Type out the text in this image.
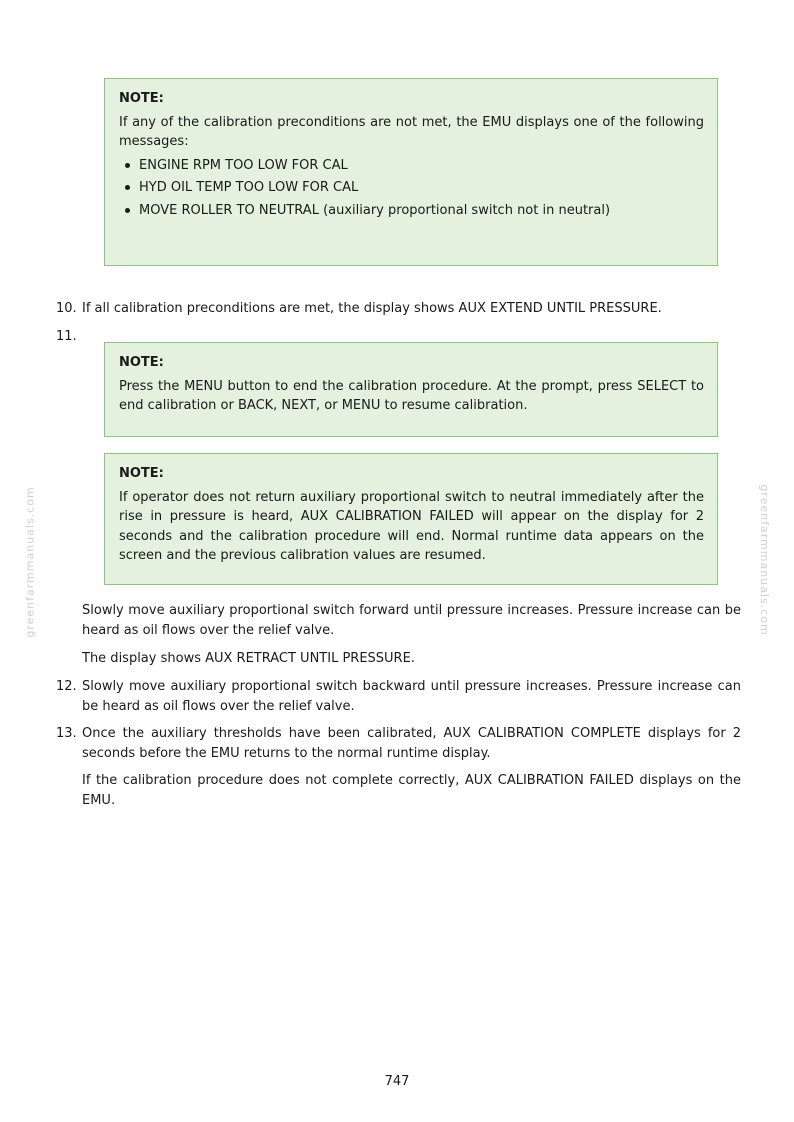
greenfarmmanuals.com	greenfarmmanuals.com
NOTE:
If any of the calibration preconditions are not met, the EMU displays one of the following messages:
ENGINE RPM TOO LOW FOR CAL
HYD OIL TEMP TOO LOW FOR CAL
MOVE ROLLER TO NEUTRAL (auxiliary proportional switch not in neutral)
10. If all calibration preconditions are met, the display shows AUX EXTEND UNTIL PRESSURE.
11.
NOTE:
Press the MENU button to end the calibration procedure. At the prompt, press SELECT to end calibration or BACK, NEXT, or MENU to resume calibration.
NOTE:
If operator does not return auxiliary proportional switch to neutral immediately after the rise in pressure is heard, AUX CALIBRATION FAILED will appear on the display for 2 seconds and the calibration procedure will end. Normal runtime data appears on the screen and the previous calibration values are resumed.
Slowly move auxiliary proportional switch forward until pressure increases. Pressure increase can be heard as oil flows over the relief valve.
The display shows AUX RETRACT UNTIL PRESSURE.
12. Slowly move auxiliary proportional switch backward until pressure increases. Pressure increase can be heard as oil flows over the relief valve.
13. Once the auxiliary thresholds have been calibrated, AUX CALIBRATION COMPLETE displays for 2 seconds before the EMU returns to the normal runtime display.
If the calibration procedure does not complete correctly, AUX CALIBRATION FAILED displays on the EMU.
747
